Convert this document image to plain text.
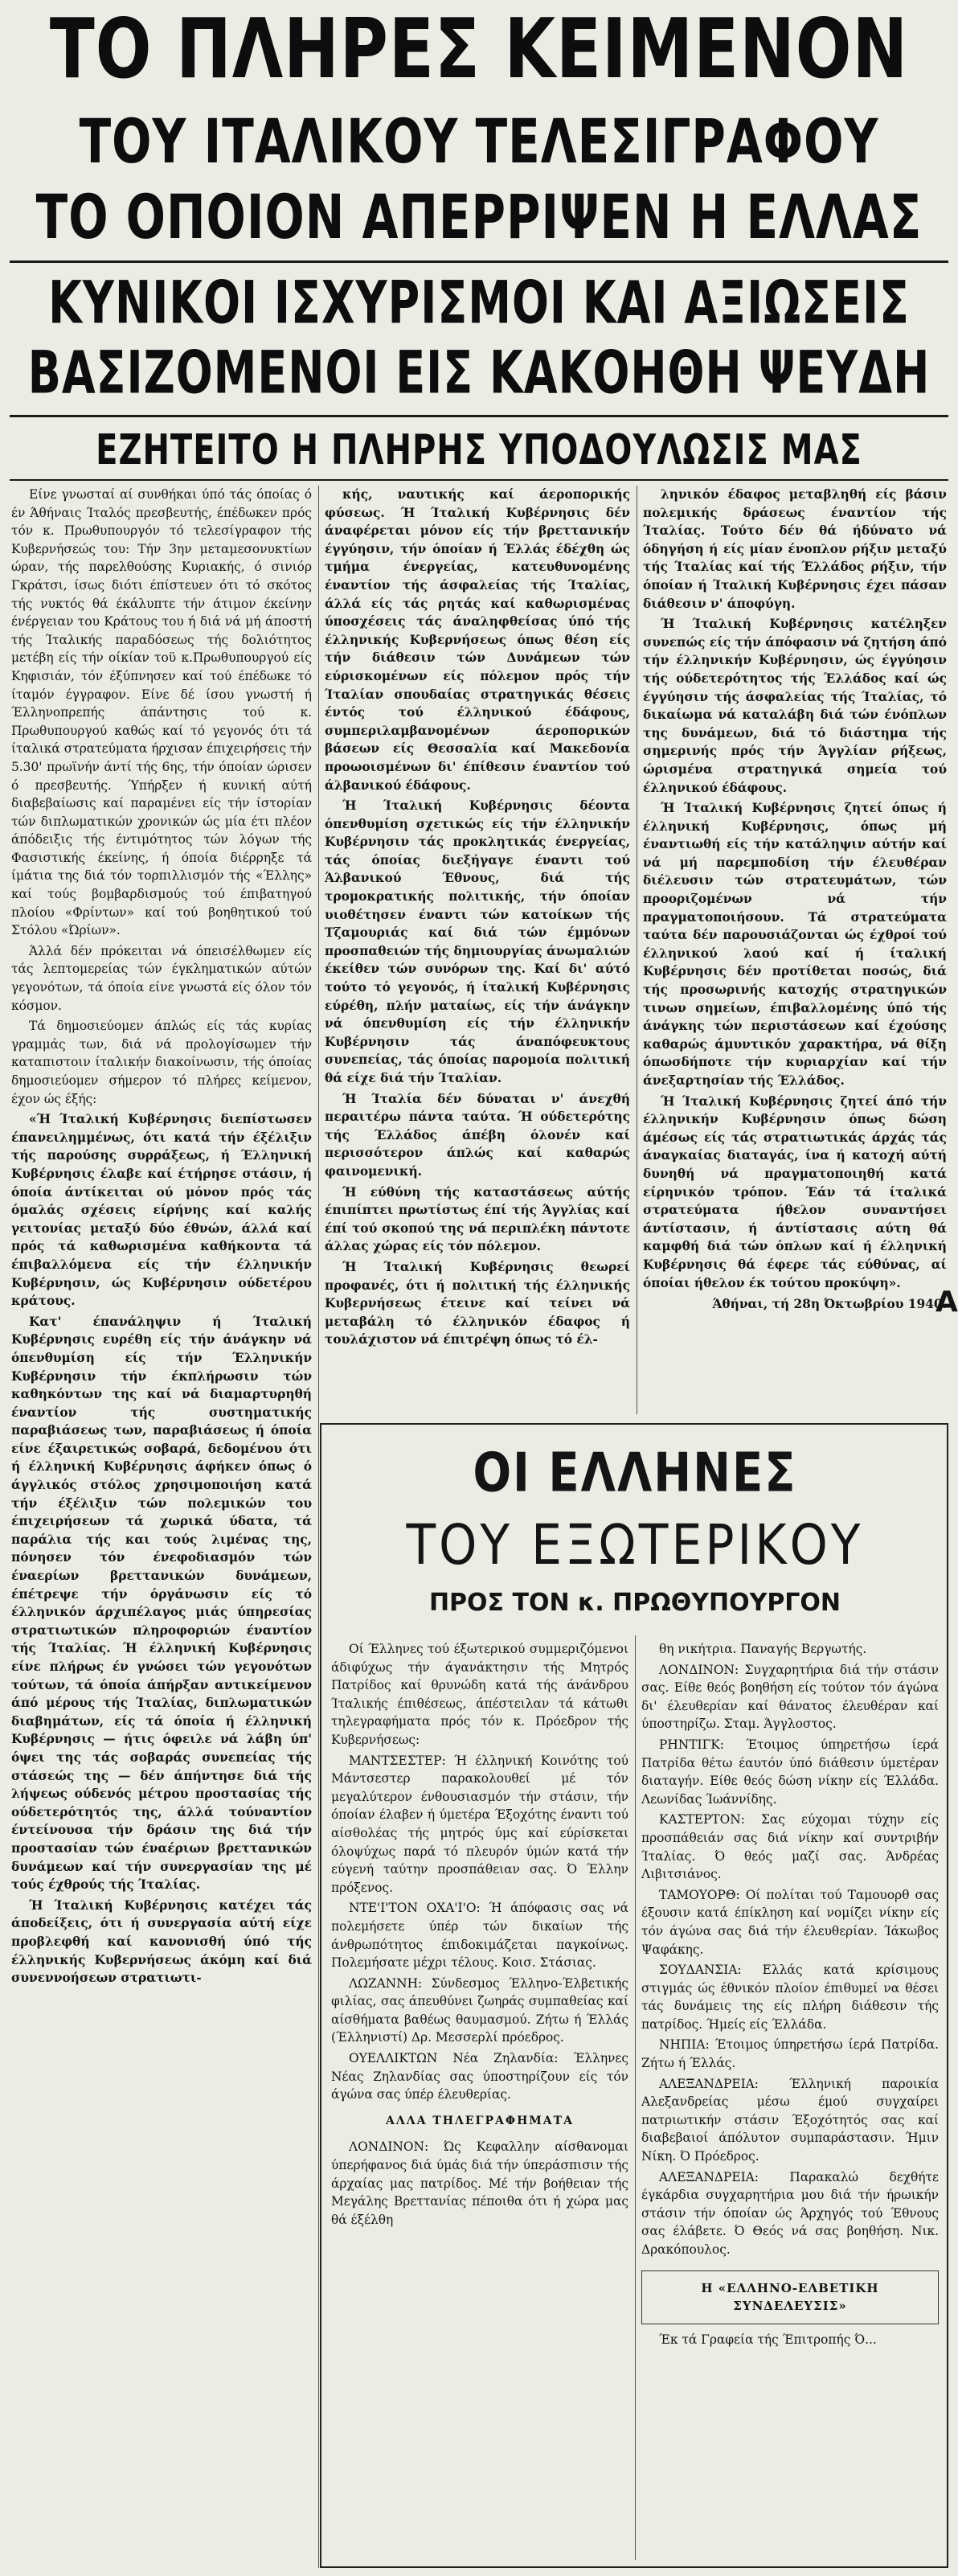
ΤΟ ΠΛΗΡΕΣ ΚΕΙΜΕΝΟΝ
ΤΟΥ ΙΤΑΛΙΚΟΥ ΤΕΛΕΣΙΓΡΑΦΟΥ
ΤΟ ΟΠΟΙΟΝ ΑΠΕΡΡΙΨΕΝ Η ΕΛΛΑΣ
ΚΥΝΙΚΟΙ ΙΣΧΥΡΙΣΜΟΙ ΚΑΙ ΑΞΙΩΣΕΙΣ
ΒΑΣΙΖΟΜΕΝΟΙ ΕΙΣ ΚΑΚΟΗΘΗ ΨΕΥΔΗ
ΕΖΗΤΕΙΤΟ Η ΠΛΗΡΗΣ ΥΠΟΔΟΥΛΩΣΙΣ ΜΑΣ

Είνε γνωσταί αί συνθήκαι ύπό τάς όποίας ό έν Άθήναις Ίταλός πρεσβευτής, έπέδωκεν πρός τόν κ. Πρωθυπουργόν τό τελεσίγραφον τής Κυβερνήσεώς του: Τήν 3ην μεταμεσονυκτίων ώραν, τής παρελθούσης Κυριακής, ό σινιόρ Γκράτσι, ίσως διότι έπίστευεν ότι τό σκότος τής νυκτός θά έκάλυπτε τήν άτιμον έκείνην ένέργειαν του Κράτους του ή διά νά μή άποστή τής Ίταλικής παραδόσεως τής δολιότητος μετέβη είς τήν οίκίαν τοϋ κ.Πρωθυπουργού είς Κηφισιάν, τόν έξύπνησεν καί τού έπέδωκε τό ίταμόν έγγραφον. Είνε δέ ίσου γνωστή ή Έλληνοπρεπής άπάντησις τού κ. Πρωθυπουργού καθώς καί τό γεγονός ότι τά ίταλικά στρατεύματα ήρχισαν έπιχειρήσεις τήν 5.30' πρωϊνήν άντί τής 6ης, τήν όποίαν ώρισεν ό πρεσβευτής. Ύπήρξεν ή κυνική αύτή διαβεβαίωσις καί παραμένει είς τήν ίστορίαν τών διπλωματικών χρονικών ώς μία έτι πλέον άπόδειξις τής έντιμότητος τών λόγων τής Φασιστικής έκείνης, ή όποία διέρρηξε τά ίμάτια της διά τόν τορπιλλισμόν τής «Έλλης» καί τούς βομβαρδισμούς τού έπιβατηγού πλοίου «Φρίντων» καί τού βοηθητικού τού Στόλου «Ώρίων».

Άλλά δέν πρόκειται νά όπεισέλθωμεν είς τάς λεπτομερείας τών έγκληματικών αύτών γεγονότων, τά όποία είνε γνωστά είς όλον τόν κόσμον.

Τά δημοσιεύομεν άπλώς είς τάς κυρίας γραμμάς των, διά νά προλογίσωμεν τήν καταπιστοιν ίταλικήν διακοίνωσιν, τής όποίας δημοσιεύομεν σήμερον τό πλήρες κείμενον, έχον ώς έξής:

«Ή Ίταλική Κυβέρνησις διεπίστωσεν έπανειλημμένως, ότι κατά τήν έξέλιξιν τής παρούσης συρράξεως, ή Έλληνική Κυβέρνησις έλαβε καί έτήρησε στάσιν, ή όποία άντίκειται ού μόνον πρός τάς όμαλάς σχέσεις είρήνης καί καλής γειτονίας μεταξύ δύο έθνών, άλλά καί πρός τά καθωρισμένα καθήκοντα τά έπιβαλλόμενα είς τήν έλληνικήν Κυβέρνησιν, ώς Κυβέρνησιν ούδετέρου κράτους.

Κατ' έπανάληψιν ή Ίταλική Κυβέρνησις ευρέθη είς τήν άνάγκην νά όπενθυμίση είς τήν Έλληνικήν Κυβέρνησιν τήν έκπλήρωσιν τών καθηκόντων της καί νά διαμαρτυρηθή έναντίον τής συστηματικής παραβιάσεως των, παραβιάσεως ή όποία είνε έξαιρετικώς σοβαρά, δεδομένου ότι ή έλληνική Κυβέρνησις άφήκεν όπως ό άγγλικός στόλος χρησιμοποιήση κατά τήν έξέλιξιν τών πολεμικών του έπιχειρήσεων τά χωρικά ύδατα, τά παράλια τής και τούς λιμένας της, πόνησεν τόν ένεφοδιασμόν τών έναερίων βρεττανικών δυνάμεων, έπέτρεψε τήν όργάνωσιν είς τό έλληνικόν άρχιπέλαγος μιάς ύπηρεσίας στρατιωτικών πληροφοριών έναντίον τής Ίταλίας. Ή έλληνική Κυβέρνησις είνε πλήρως έν γνώσει τών γεγονότων τούτων, τά όποία άπήρξαν αντικείμενον άπό μέρους τής Ίταλίας, διπλωματικών διαβημάτων, είς τά όποία ή έλληνική Κυβέρνησις — ήτις όφειλε νά λάβη ύπ' όψει της τάς σοβαράς συνεπείας τής στάσεώς της — δέν άπήντησε διά τής λήψεως ούδενός μέτρου προστασίας τής ούδετερότητός της, άλλά τούναντίον έντείνουσα τήν δράσιν της διά τήν προστασίαν τών έναέριων βρεττανικών δυνάμεων καί τήν συνεργασίαν της μέ τούς έχθρούς τής Ίταλίας.

Ή Ίταλική Κυβέρνησις κατέχει τάς άποδείξεις, ότι ή συνεργασία αύτή είχε προβλεφθή καί κανονισθή ύπό τής έλληνικής Κυβερνήσεως άκόμη καί διά συνεννοήσεων στρατιωτι-

κής, ναυτικής καί άεροπορικής φύσεως. Ή Ίταλική Κυβέρνησις δέν άναφέρεται μόνον είς τήν βρεττανικήν έγγύησιν, τήν όποίαν ή Έλλάς έδέχθη ώς τμήμα ένεργείας, κατευθυνομένης έναντίον τής άσφαλείας τής Ίταλίας, άλλά είς τάς ρητάς καί καθωρισμένας ύποσχέσεις τάς άναληφθείσας ύπό τής έλληνικής Κυβερνήσεως όπως θέση είς τήν διάθεσιν τών Δυνάμεων τών εύρισκομένων είς πόλεμον πρός τήν Ίταλίαν σπουδαίας στρατηγικάς θέσεις έντός τού έλληνικού έδάφους, συμπεριλαμβανομένων άεροπορικών βάσεων είς Θεσσαλία καί Μακεδονία προωοισμένων δι' έπίθεσιν έναντίον τού άλβανικού έδάφους.

Ή Ίταλική Κυβέρνησις δέοντα όπενθυμίση σχετικώς είς τήν έλληνικήν Κυβέρνησιν τάς προκλητικάς ένεργείας, τάς όποίας διεξήγαγε έναντι τού Άλβανικού Έθνους, διά τής τρομοκρατικής πολιτικής, τήν όποίαν υιοθέτησεν έναντι τών κατοίκων τής Τζαμουριάς καί διά τών έμμόνων προσπαθειών τής δημιουργίας άνωμαλιών έκείθεν τών συνόρων της. Καί δι' αύτό τούτο τό γεγονός, ή ίταλική Κυβέρνησις εύρέθη, πλήν ματαίως, είς τήν άνάγκην νά όπενθυμίση είς τήν έλληνικήν Κυβέρνησιν τάς άναπόφευκτους συνεπείας, τάς όποίας παρομοία πολιτική θά είχε διά τήν Ίταλίαν.

Ή Ίταλία δέν δύναται ν' άνεχθή περαιτέρω πάντα ταύτα. Ή ούδετερότης τής Έλλάδος άπέβη όλονέν καί περισσότερον άπλώς καί καθαρώς φαινομενική.

Ή εύθύνη τής καταστάσεως αύτής έπιπίπτει πρωτίστως έπί τής Άγγλίας καί έπί τού σκοπού της νά περιπλέκη πάντοτε άλλας χώρας είς τόν πόλεμον.

Ή Ίταλική Κυβέρνησις θεωρεί προφανές, ότι ή πολιτική τής έλληνικής Κυβερνήσεως έτεινε καί τείνει νά μεταβάλη τό έλληνικόν έδαφος ή τουλάχιστον νά έπιτρέψη όπως τό έλ-

ληνικόν έδαφος μεταβληθή είς βάσιν πολεμικής δράσεως έναντίον τής Ίταλίας. Τούτο δέν θά ήδύνατο νά όδηγήση ή είς μίαν ένοπλον ρήξιν μεταξύ τής Ίταλίας καί τής Έλλάδος ρήξιν, τήν όποίαν ή Ίταλική Κυβέρνησις έχει πάσαν διάθεσιν ν' άποφύγη.

Ή Ίταλική Κυβέρνησις κατέληξεν συνεπώς είς τήν άπόφασιν νά ζητήση άπό τήν έλληνικήν Κυβέρνησιν, ώς έγγύησιν τής ούδετερότητος τής Έλλάδος καί ώς έγγύησιν τής άσφαλείας τής Ίταλίας, τό δικαίωμα νά καταλάβη διά τών ένόπλων της δυνάμεων, διά τό διάστημα τής σημερινής πρός τήν Άγγλίαν ρήξεως, ώρισμένα στρατηγικά σημεία τού έλληνικού έδάφους.

Ή Ίταλική Κυβέρνησις ζητεί όπως ή έλληνική Κυβέρνησις, όπως μή έναντιωθή είς τήν κατάληψιν αύτήν καί νά μή παρεμποδίση τήν έλευθέραν διέλευσιν τών στρατευμάτων, τών προοριζομένων νά τήν πραγματοποιήσουν. Τά στρατεύματα ταύτα δέν παρουσιάζονται ώς έχθροί τού έλληνικού λαού καί ή ίταλική Κυβέρνησις δέν προτίθεται ποσώς, διά τής προσωρινής κατοχής στρατηγικών τινων σημείων, έπιβαλλομένης ύπό τής άνάγκης τών περιστάσεων καί έχούσης καθαρώς άμυντικόν χαρακτήρα, νά θίξη όπωσδήποτε τήν κυριαρχίαν καί τήν άνεξαρτησίαν τής Έλλάδος.

Ή Ίταλική Κυβέρνησις ζητεί άπό τήν έλληνικήν Κυβέρνησιν όπως δώση άμέσως είς τάς στρατιωτικάς άρχάς τάς άναγκαίας διαταγάς, ίνα ή κατοχή αύτή δυνηθή νά πραγματοποιηθή κατά είρηνικόν τρόπον. Έάν τά ίταλικά στρατεύματα ήθελον συναντήσει άντίστασιν, ή άντίστασις αύτη θά καμφθή διά τών όπλων καί ή έλληνική Κυβέρνησις θά έφερε τάς εύθύνας, αί όποίαι ήθελον έκ τούτου προκύψη».

Άθήναι, τή 28η Όκτωβρίου 1940.

ΟΙ ΕΛΛΗΝΕΣ
ΤΟΥ ΕΞΩΤΕΡΙΚΟΥ
ΠΡΟΣ ΤΟΝ κ. ΠΡΩΘΥΠΟΥΡΓΟΝ

Οί Έλληνες τού έξωτερικού συμμεριζόμενοι άδιφύχως τήν άγανάκτησιν τής Μητρός Πατρίδος καί θρυνώδη κατά τής άνάνδρου Ίταλικής έπιθέσεως, άπέστειλαν τά κάτωθι τηλεγραφήματα πρός τόν κ. Πρόεδρον τής Κυβερνήσεως:

ΜΑΝΤΣΕΣΤΕΡ: Ή έλληνική Κοινότης τού Μάντσεστερ παρακολουθεί μέ τόν μεγαλύτερον ένθουσιασμόν τήν στάσιν, τήν όποίαν έλαβεν ή ύμετέρα Έξοχότης έναντι τού αίσθολέας τής μητρός ύμς καί εύρίσκεται όλοψύχως παρά τό πλευρόν ύμών κατά τήν εύγενή ταύτην προσπάθειαν σας. Ό Έλλην πρόξενος.

ΝΤΕ'Ι'ΤΟΝ ΟΧΑ'Ι'Ο: Ή άπόφασις σας νά πολεμήσετε ύπέρ τών δικαίων τής άνθρωπότητος έπιδοκιμάζεται παγκοίνως. Πολεμήσατε μέχρι τέλους. Κοισ. Στάσιας.

ΛΩΖΑΝΝΗ: Σύνδεσμος Έλληνο-Έλβετικής φιλίας, σας άπευθύνει ζωηράς συμπαθείας καί αίσθήματα βαθέως θαυμασμού. Ζήτω ή Έλλάς (Έλληνιστί) Δρ. Μεσσερλί πρόεδρος.

ΟΥΕΛΛΙΚΤΩΝ Νέα Ζηλανδία: Έλληνες Νέας Ζηλανδίας σας ύποστηρίζουν είς τόν άγώνα σας ύπέρ έλευθερίας.

ΑΛΛΑ ΤΗΛΕΓΡΑΦΗΜΑΤΑ

ΛΟΝΔΙΝΟΝ: Ώς Κεφαλλην αίσθανομαι ύπερήφανος διά ύμάς διά τήν ύπεράσπισιν τής άρχαίας μας πατρίδος. Μέ τήν βοήθειαν τής Μεγάλης Βρεττανίας πέποιθα ότι ή χώρα μας θά έξέλθη

θη νικήτρια. Παναγής Βεργωτής.

ΛΟΝΔΙΝΟΝ: Συγχαρητήρια διά τήν στάσιν σας. Είθε θεός βοηθήση είς τούτον τόν άγώνα δι' έλευθερίαν καί θάνατος έλευθέραν καί ύποστηρίζω. Σταμ. Άγγλοστος.

ΡΗΝΤΙΓΚ: Έτοιμος ύπηρετήσω ίερά Πατρίδα θέτω έαυτόν ύπό διάθεσιν ύμετέραν διαταγήν. Είθε θεός δώση νίκην είς Έλλάδα. Λεωνίδας Ίωάννίδης.

ΚΑΣΤΕΡΤΟΝ: Σας εύχομαι τύχην είς προσπάθειάν σας διά νίκην καί συντριβήν Ίταλίας. Ό θεός μαζί σας. Άνδρέας Λιβιτσιάνος.

ΤΑΜΟΥΟΡΘ: Οί πολίται τού Ταμουορθ σας έξουσιν κατά έπίκληση καί νομίζει νίκην είς τόν άγώνα σας διά τήν έλευθερίαν. Ίάκωβος Ψαφάκης.

ΣΟΥΔΑΝΣΙΑ: Ελλάς κατά κρίσιμους στιγμάς ώς έθνικόν πλοίον έπιθυμεί να θέσει τάς δυνάμεις της είς πλήρη διάθεσιν τής πατρίδος. Ήμείς είς Έλλάδα.

ΝΗΠΙΑ: Έτοιμος ύπηρετήσω ίερά Πατρίδα. Ζήτω ή Έλλάς.

ΑΛΕΞΑΝΔΡΕΙΑ: Έλληνική παροικία Αλεξανδρείας μέσω έμού συγχαίρει πατριωτικήν στάσιν Έξοχότητός σας καί διαβεβαιοί άπόλυτον συμπαράστασιν. Ήμιν Νίκη. Ό Πρόεδρος.

ΑΛΕΞΑΝΔΡΕΙΑ: Παρακαλώ δεχθήτε έγκάρδια συγχαρητήρια μου διά τήν ήρωικήν στάσιν τήν όποίαν ώς Άρχηγός τού Έθνους σας έλάβετε. Ό Θεός νά σας βοηθήση. Νικ. Δρακόπουλος.

Η «ΕΛΛΗΝΟ-ΕΛΒΕΤΙΚΗ ΣΥΝΔΕΛΕΥΣΙΣ»

Έκ τά Γραφεία τής Έπιτροπής Ό...

Α
